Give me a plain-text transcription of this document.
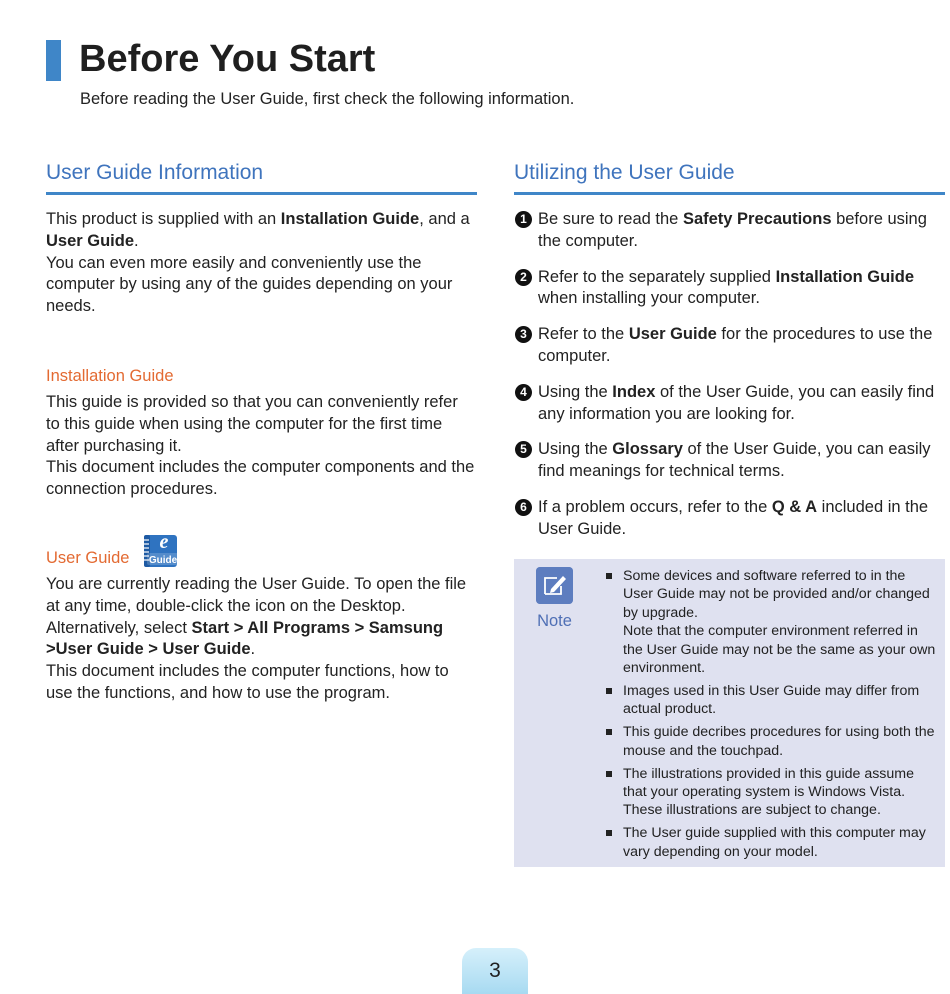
Before You Start
Before reading the User Guide, first check the following information.
User Guide Information
This product is supplied with an Installation Guide, and a User Guide.
You can even more easily and conveniently use the computer by using any of the guides depending on your needs.
Installation Guide
This guide is provided so that you can conveniently refer to this guide when using the computer for the first time after purchasing it.
This document includes the computer components and the connection procedures.
User Guide
e
Guide
You are currently reading the User Guide. To open the file at any time, double-click the icon on the Desktop.
Alternatively, select Start > All Programs > Samsung >User Guide > User Guide.
This document includes the computer functions, how to use the functions, and how to use the program.
Utilizing the User Guide
1 Be sure to read the Safety Precautions before using the computer.
2 Refer to the separately supplied Installation Guide when installing your computer.
3 Refer to the User Guide for the procedures to use the computer.
4 Using the Index of the User Guide, you can easily find any information you are looking for.
5 Using the Glossary of the User Guide, you can easily find meanings for technical terms.
6 If a problem occurs, refer to the Q & A included in the User Guide.
Note
Some devices and software referred to in the User Guide may not be provided and/or changed by upgrade.
Note that the computer environment referred in the User Guide may not be the same as your own environment.
Images used in this User Guide may differ from actual product.
This guide decribes procedures for using both the mouse and the touchpad.
The illustrations provided in this guide assume that your operating system is Windows Vista. These illustrations are subject to change.
The User guide supplied with this computer may vary depending on your model.
3
